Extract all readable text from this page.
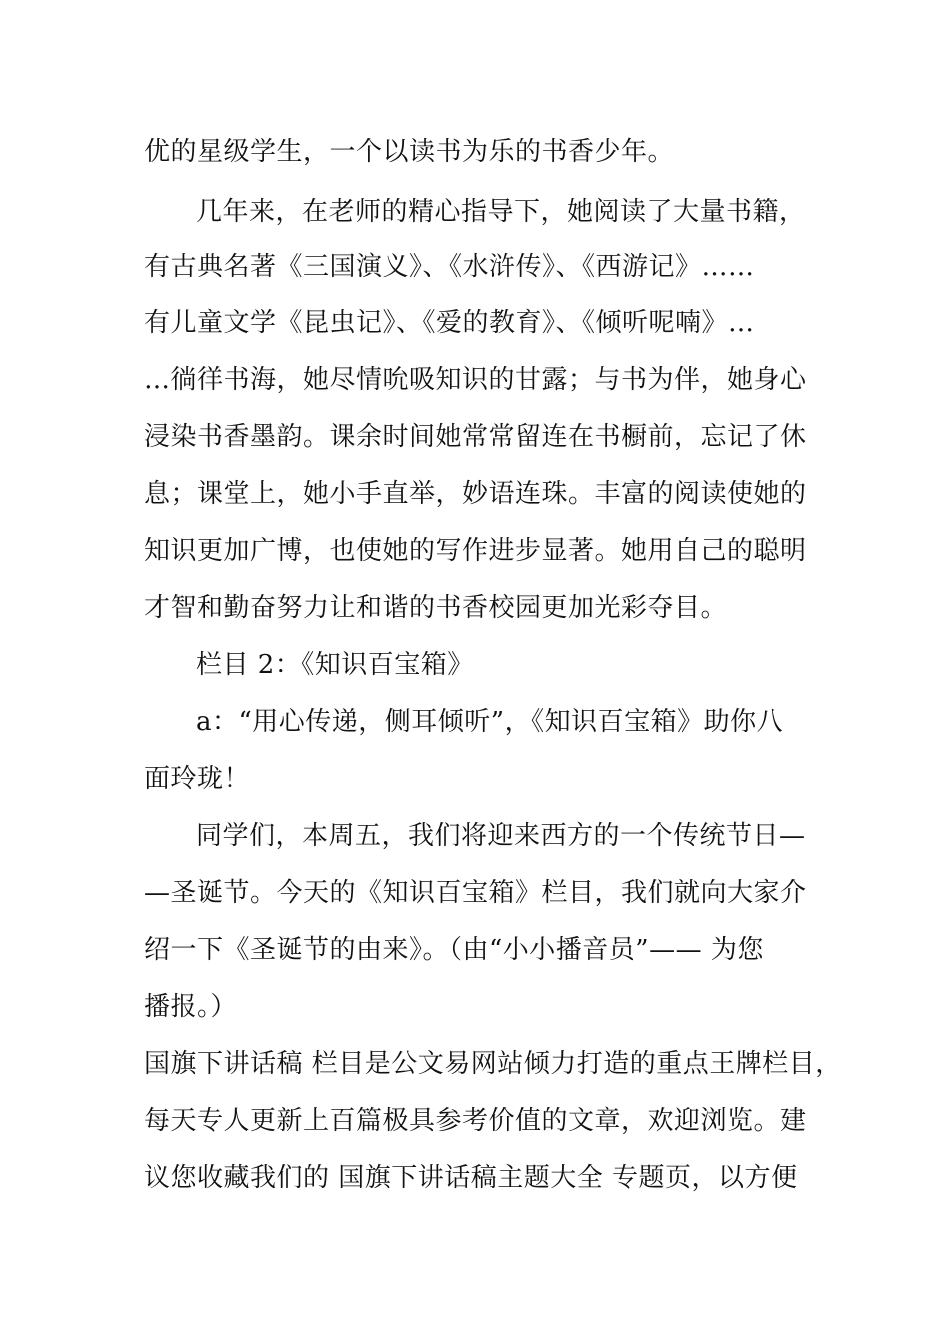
优的星级学生，一个以读书为乐的书香少年。
几年来，在老师的精心指导下，她阅读了大量书籍，
有古典名著《三国演义》、《水浒传》、《西游记》……
有儿童文学《昆虫记》、《爱的教育》、《倾听呢喃》…
…徜徉书海，她尽情吮吸知识的甘露；与书为伴，她身心
浸染书香墨韵。课余时间她常常留连在书橱前，忘记了休
息；课堂上，她小手直举，妙语连珠。丰富的阅读使她的
知识更加广博，也使她的写作进步显著。她用自己的聪明
才智和勤奋努力让和谐的书香校园更加光彩夺目。
栏目 2：《知识百宝箱》
a：“用心传递，侧耳倾听”，《知识百宝箱》助你八
面玲珑！
同学们，本周五，我们将迎来西方的一个传统节日—
—圣诞节。今天的《知识百宝箱》栏目，我们就向大家介
绍一下《圣诞节的由来》。（由“小小播音员”—— 为您
播报。）
国旗下讲话稿 栏目是公文易网站倾力打造的重点王牌栏目，
每天专人更新上百篇极具参考价值的文章，欢迎浏览。建
议您收藏我们的 国旗下讲话稿主题大全 专题页，以方便
